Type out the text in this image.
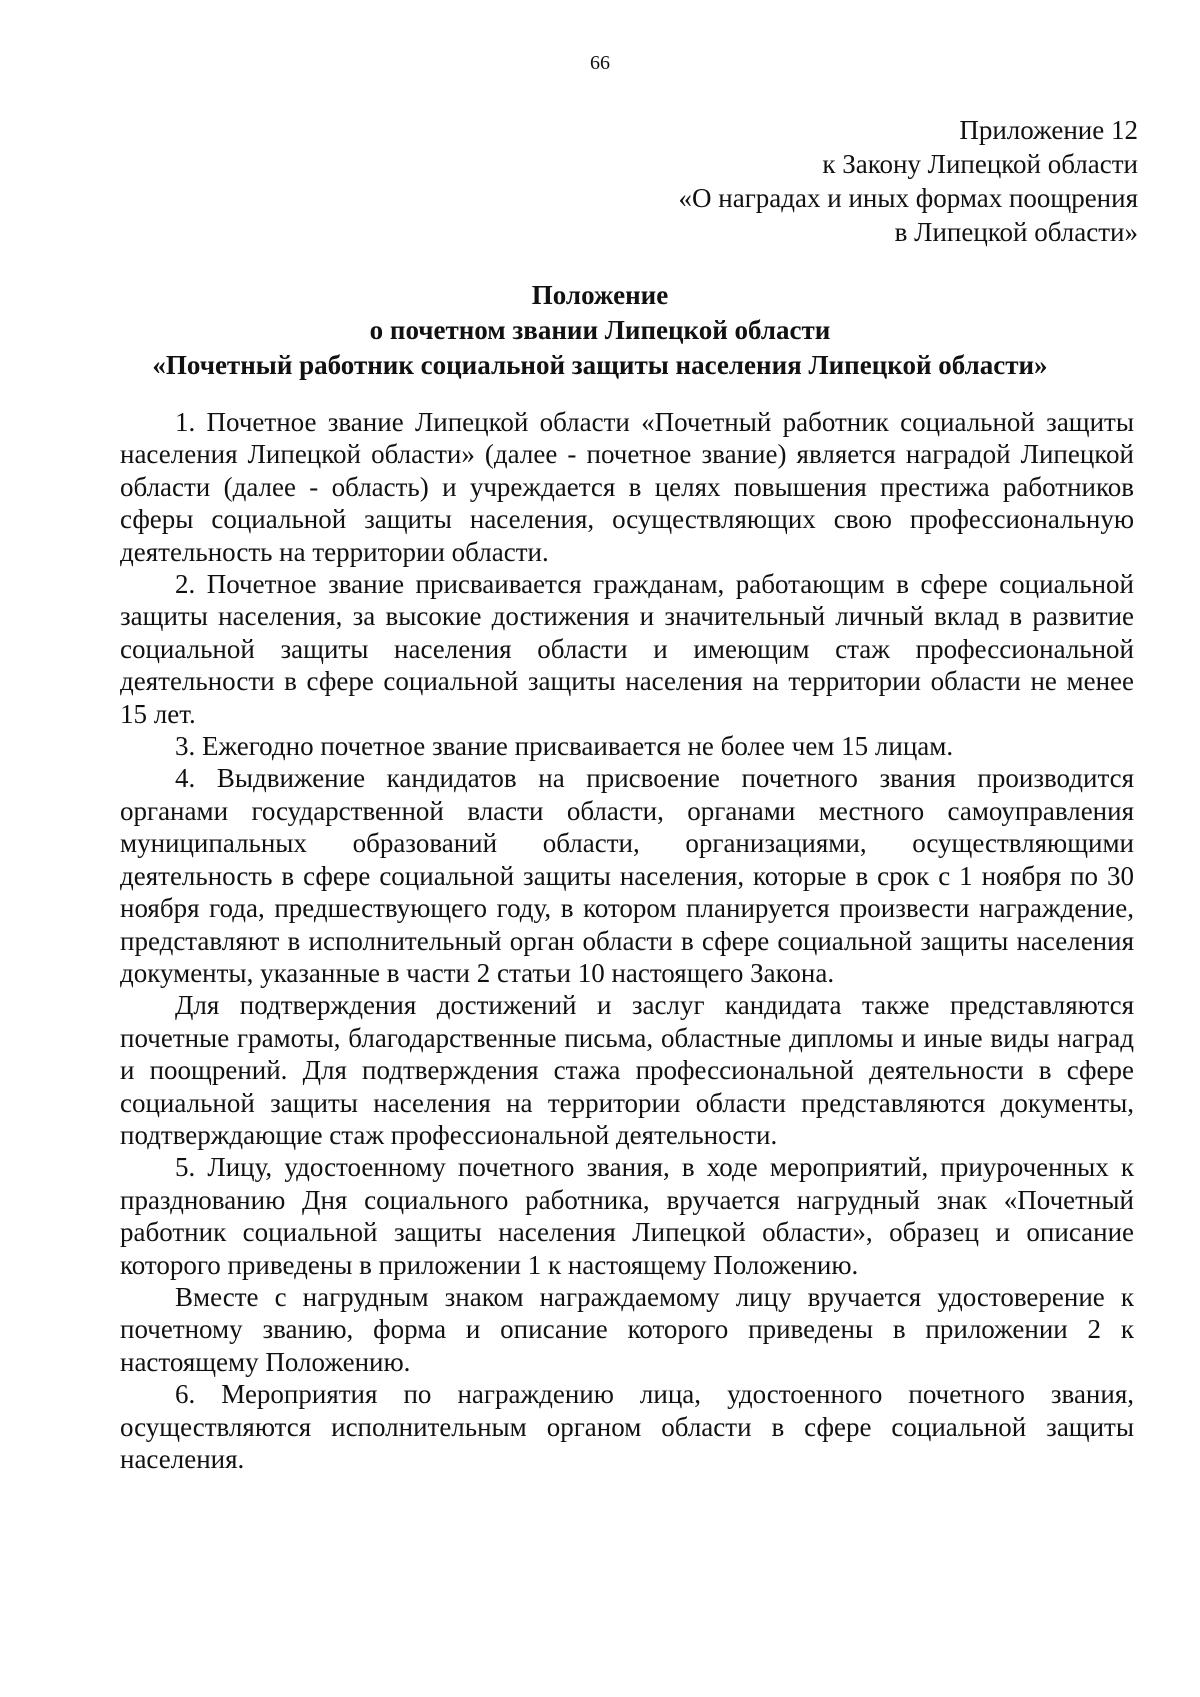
66
Приложение 12
к Закону Липецкой области
«О наградах и иных формах поощрения
в Липецкой области»
Положение
о почетном звании Липецкой области
«Почетный работник социальной защиты населения Липецкой области»

1. Почетное звание Липецкой области «Почетный работник социальной защиты населения Липецкой области» (далее - почетное звание) является наградой Липецкой области (далее - область) и учреждается в целях повышения престижа работников сферы социальной защиты населения, осуществляющих свою профессиональную деятельность на территории области.

2. Почетное звание присваивается гражданам, работающим в сфере социальной защиты населения, за высокие достижения и значительный личный вклад в развитие социальной защиты населения области и имеющим стаж профессиональной деятельности в сфере социальной защиты населения на территории области не менее 15 лет.

3. Ежегодно почетное звание присваивается не более чем 15 лицам.

4. Выдвижение кандидатов на присвоение почетного звания производится органами государственной власти области, органами местного самоуправления муниципальных образований области, организациями, осуществляющими деятельность в сфере социальной защиты населения, которые в срок с 1 ноября по 30 ноября года, предшествующего году, в котором планируется произвести награждение, представляют в исполнительный орган области в сфере социальной защиты населения документы, указанные в части 2 статьи 10 настоящего Закона.

Для подтверждения достижений и заслуг кандидата также представляются почетные грамоты, благодарственные письма, областные дипломы и иные виды наград и поощрений. Для подтверждения стажа профессиональной деятельности в сфере социальной защиты населения на территории области представляются документы, подтверждающие стаж профессиональной деятельности.

5. Лицу, удостоенному почетного звания, в ходе мероприятий, приуроченных к празднованию Дня социального работника, вручается нагрудный знак «Почетный работник социальной защиты населения Липецкой области», образец и описание которого приведены в приложении 1 к настоящему Положению.

Вместе с нагрудным знаком награждаемому лицу вручается удостоверение к почетному званию, форма и описание которого приведены в приложении 2 к настоящему Положению.

6. Мероприятия по награждению лица, удостоенного почетного звания, осуществляются исполнительным органом области в сфере социальной защиты населения.
